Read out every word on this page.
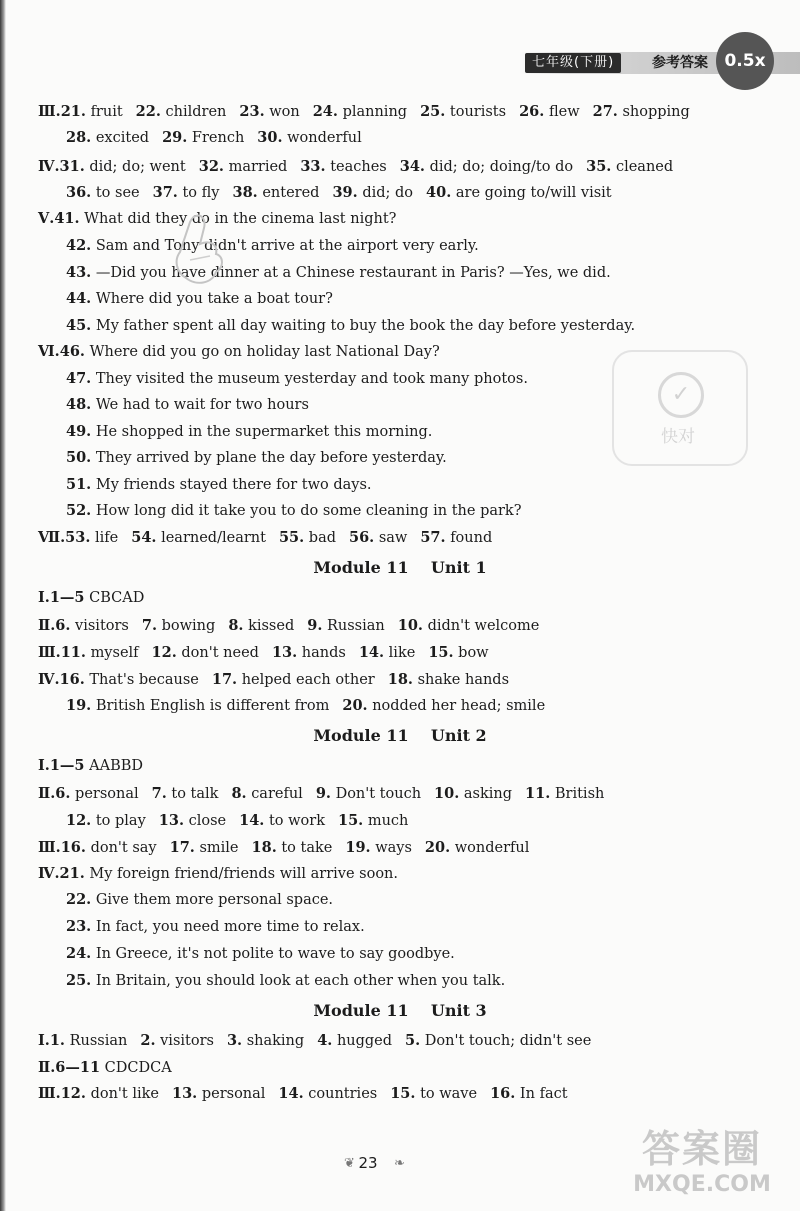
七年级(下册)	参考答案 0.5x
Ⅲ.21. fruit 22. children 23. won 24. planning 25. tourists 26. flew 27. shopping
28. excited 29. French 30. wonderful
Ⅳ.31. did; do; went 32. married 33. teaches 34. did; do; doing/to do 35. cleaned
36. to see 37. to fly 38. entered 39. did; do 40. are going to/will visit
Ⅴ.41. What did they do in the cinema last night?
42. Sam and Tony didn't arrive at the airport very early.
43. —Did you have dinner at a Chinese restaurant in Paris? —Yes, we did.
44. Where did you take a boat tour?
45. My father spent all day waiting to buy the book the day before yesterday.
Ⅵ.46. Where did you go on holiday last National Day?
47. They visited the museum yesterday and took many photos.
48. We had to wait for two hours
49. He shopped in the supermarket this morning.
50. They arrived by plane the day before yesterday.
51. My friends stayed there for two days.
52. How long did it take you to do some cleaning in the park?
Ⅶ.53. life 54. learned/learnt 55. bad 56. saw 57. found
Module 11    Unit 1
Ⅰ.1—5 CBCAD
Ⅱ.6. visitors 7. bowing 8. kissed 9. Russian 10. didn't welcome
Ⅲ.11. myself 12. don't need 13. hands 14. like 15. bow
Ⅳ.16. That's because 17. helped each other 18. shake hands
19. British English is different from 20. nodded her head; smile
Module 11    Unit 2
Ⅰ.1—5 AABBD
Ⅱ.6. personal 7. to talk 8. careful 9. Don't touch 10. asking 11. British
12. to play 13. close 14. to work 15. much
Ⅲ.16. don't say 17. smile 18. to take 19. ways 20. wonderful
Ⅳ.21. My foreign friend/friends will arrive soon.
22. Give them more personal space.
23. In fact, you need more time to relax.
24. In Greece, it's not polite to wave to say goodbye.
25. In Britain, you should look at each other when you talk.
Module 11    Unit 3
Ⅰ.1. Russian 2. visitors 3. shaking 4. hugged 5. Don't touch; didn't see
Ⅱ.6—11 CDCDCA
Ⅲ.12. don't like 13. personal 14. countries 15. to wave 16. In fact
✓
快对
❦ 23	❧	答案圈
MXQE.COM
